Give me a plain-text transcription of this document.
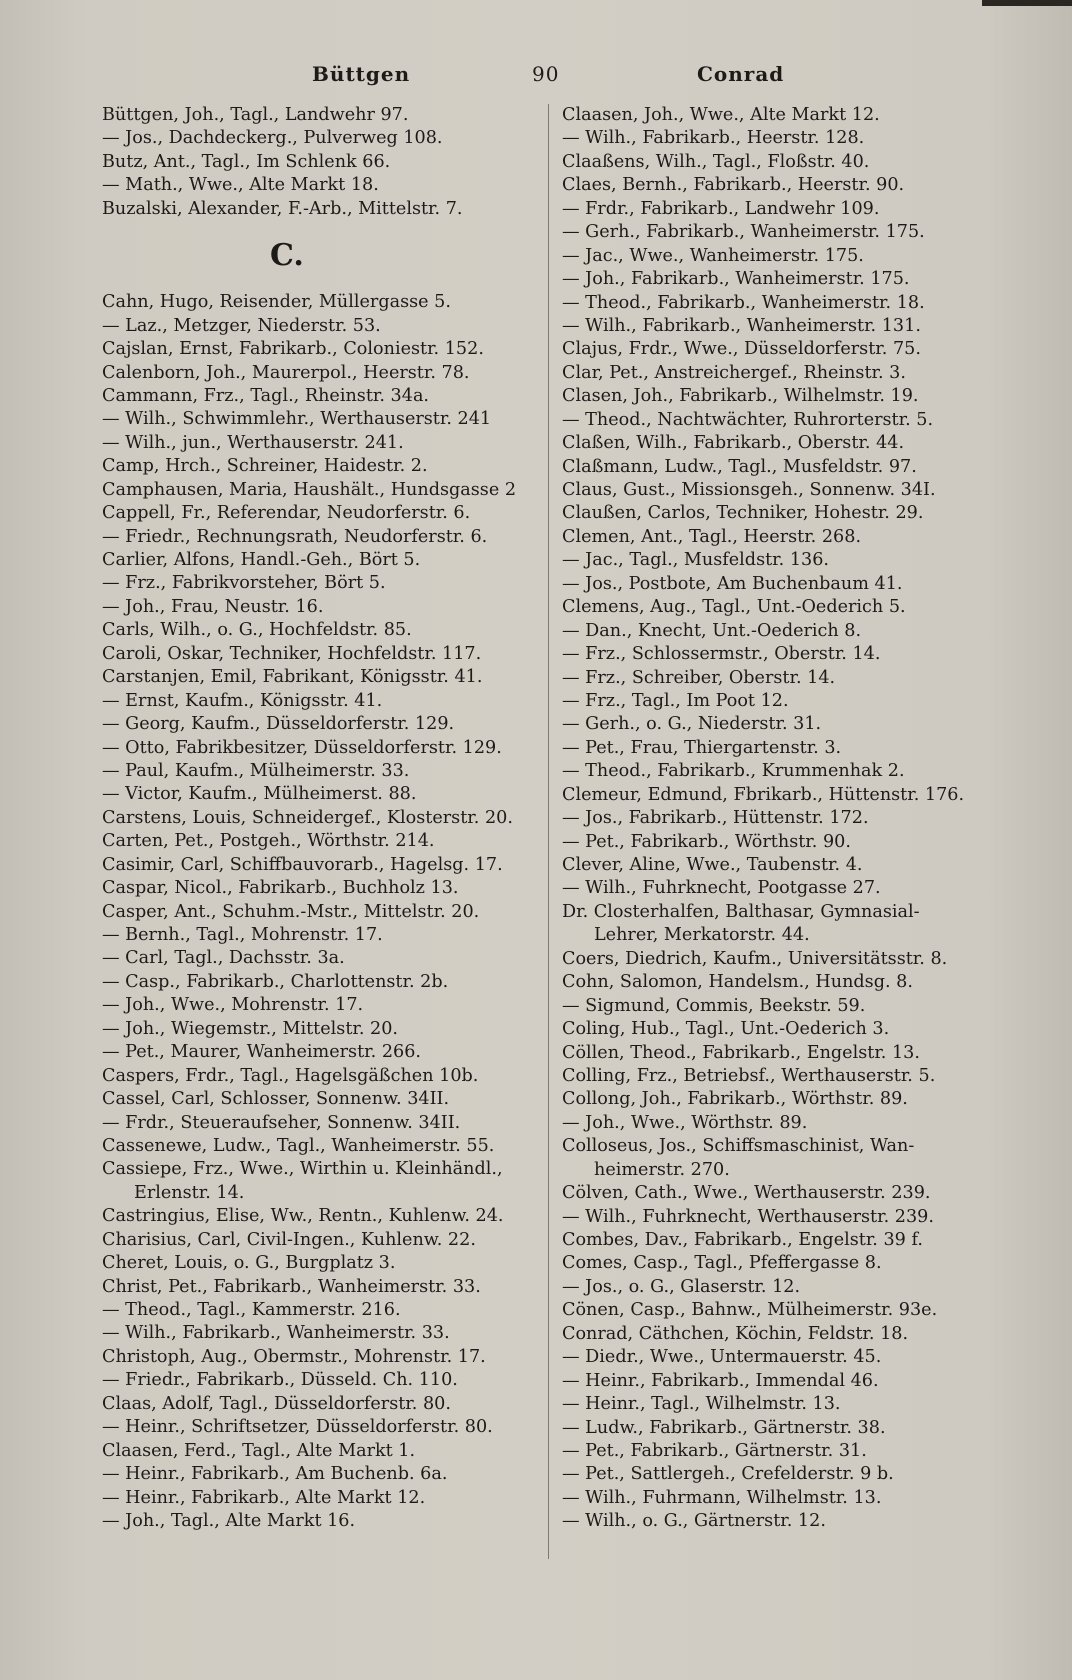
Büttgen	90	Conrad
Büttgen, Joh., Tagl., Landwehr 97.
— Jos., Dachdeckerg., Pulverweg 108.
Butz, Ant., Tagl., Im Schlenk 66.
— Math., Wwe., Alte Markt 18.
Buzalski, Alexander, F.-Arb., Mittelstr. 7.
C.
Cahn, Hugo, Reisender, Müllergasse 5.
— Laz., Metzger, Niederstr. 53.
Cajslan, Ernst, Fabrikarb., Coloniestr. 152.
Calenborn, Joh., Maurerpol., Heerstr. 78.
Cammann, Frz., Tagl., Rheinstr. 34a.
— Wilh., Schwimmlehr., Werthauserstr. 241
— Wilh., jun., Werthauserstr. 241.
Camp, Hrch., Schreiner, Haidestr. 2.
Camphausen, Maria, Haushält., Hundsgasse 2
Cappell, Fr., Referendar, Neudorferstr. 6.
— Friedr., Rechnungsrath, Neudorferstr. 6.
Carlier, Alfons, Handl.-Geh., Bört 5.
— Frz., Fabrikvorsteher, Bört 5.
— Joh., Frau, Neustr. 16.
Carls, Wilh., o. G., Hochfeldstr. 85.
Caroli, Oskar, Techniker, Hochfeldstr. 117.
Carstanjen, Emil, Fabrikant, Königsstr. 41.
— Ernst, Kaufm., Königsstr. 41.
— Georg, Kaufm., Düsseldorferstr. 129.
— Otto, Fabrikbesitzer, Düsseldorferstr. 129.
— Paul, Kaufm., Mülheimerstr. 33.
— Victor, Kaufm., Mülheimerst. 88.
Carstens, Louis, Schneidergef., Klosterstr. 20.
Carten, Pet., Postgeh., Wörthstr. 214.
Casimir, Carl, Schiffbauvorarb., Hagelsg. 17.
Caspar, Nicol., Fabrikarb., Buchholz 13.
Casper, Ant., Schuhm.-Mstr., Mittelstr. 20.
— Bernh., Tagl., Mohrenstr. 17.
— Carl, Tagl., Dachsstr. 3a.
— Casp., Fabrikarb., Charlottenstr. 2b.
— Joh., Wwe., Mohrenstr. 17.
— Joh., Wiegemstr., Mittelstr. 20.
— Pet., Maurer, Wanheimerstr. 266.
Caspers, Frdr., Tagl., Hagelsgäßchen 10b.
Cassel, Carl, Schlosser, Sonnenw. 34II.
— Frdr., Steueraufseher, Sonnenw. 34II.
Cassenewe, Ludw., Tagl., Wanheimerstr. 55.
Cassiepe, Frz., Wwe., Wirthin u. Kleinhändl.,
Erlenstr. 14.
Castringius, Elise, Ww., Rentn., Kuhlenw. 24.
Charisius, Carl, Civil-Ingen., Kuhlenw. 22.
Cheret, Louis, o. G., Burgplatz 3.
Christ, Pet., Fabrikarb., Wanheimerstr. 33.
— Theod., Tagl., Kammerstr. 216.
— Wilh., Fabrikarb., Wanheimerstr. 33.
Christoph, Aug., Obermstr., Mohrenstr. 17.
— Friedr., Fabrikarb., Düsseld. Ch. 110.
Claas, Adolf, Tagl., Düsseldorferstr. 80.
— Heinr., Schriftsetzer, Düsseldorferstr. 80.
Claasen, Ferd., Tagl., Alte Markt 1.
— Heinr., Fabrikarb., Am Buchenb. 6a.
— Heinr., Fabrikarb., Alte Markt 12.
— Joh., Tagl., Alte Markt 16.
Claasen, Joh., Wwe., Alte Markt 12.
— Wilh., Fabrikarb., Heerstr. 128.
Claaßens, Wilh., Tagl., Floßstr. 40.
Claes, Bernh., Fabrikarb., Heerstr. 90.
— Frdr., Fabrikarb., Landwehr 109.
— Gerh., Fabrikarb., Wanheimerstr. 175.
— Jac., Wwe., Wanheimerstr. 175.
— Joh., Fabrikarb., Wanheimerstr. 175.
— Theod., Fabrikarb., Wanheimerstr. 18.
— Wilh., Fabrikarb., Wanheimerstr. 131.
Clajus, Frdr., Wwe., Düsseldorferstr. 75.
Clar, Pet., Anstreichergef., Rheinstr. 3.
Clasen, Joh., Fabrikarb., Wilhelmstr. 19.
— Theod., Nachtwächter, Ruhrorterstr. 5.
Claßen, Wilh., Fabrikarb., Oberstr. 44.
Claßmann, Ludw., Tagl., Musfeldstr. 97.
Claus, Gust., Missionsgeh., Sonnenw. 34I.
Claußen, Carlos, Techniker, Hohestr. 29.
Clemen, Ant., Tagl., Heerstr. 268.
— Jac., Tagl., Musfeldstr. 136.
— Jos., Postbote, Am Buchenbaum 41.
Clemens, Aug., Tagl., Unt.-Oederich 5.
— Dan., Knecht, Unt.-Oederich 8.
— Frz., Schlossermstr., Oberstr. 14.
— Frz., Schreiber, Oberstr. 14.
— Frz., Tagl., Im Poot 12.
— Gerh., o. G., Niederstr. 31.
— Pet., Frau, Thiergartenstr. 3.
— Theod., Fabrikarb., Krummenhak 2.
Clemeur, Edmund, Fbrikarb., Hüttenstr. 176.
— Jos., Fabrikarb., Hüttenstr. 172.
— Pet., Fabrikarb., Wörthstr. 90.
Clever, Aline, Wwe., Taubenstr. 4.
— Wilh., Fuhrknecht, Pootgasse 27.
Dr. Closterhalfen, Balthasar, Gymnasial-
Lehrer, Merkatorstr. 44.
Coers, Diedrich, Kaufm., Universitätsstr. 8.
Cohn, Salomon, Handelsm., Hundsg. 8.
— Sigmund, Commis, Beekstr. 59.
Coling, Hub., Tagl., Unt.-Oederich 3.
Cöllen, Theod., Fabrikarb., Engelstr. 13.
Colling, Frz., Betriebsf., Werthauserstr. 5.
Collong, Joh., Fabrikarb., Wörthstr. 89.
— Joh., Wwe., Wörthstr. 89.
Colloseus, Jos., Schiffsmaschinist, Wan-
heimerstr. 270.
Cölven, Cath., Wwe., Werthauserstr. 239.
— Wilh., Fuhrknecht, Werthauserstr. 239.
Combes, Dav., Fabrikarb., Engelstr. 39 f.
Comes, Casp., Tagl., Pfeffergasse 8.
— Jos., o. G., Glaserstr. 12.
Cönen, Casp., Bahnw., Mülheimerstr. 93e.
Conrad, Cäthchen, Köchin, Feldstr. 18.
— Diedr., Wwe., Untermauerstr. 45.
— Heinr., Fabrikarb., Immendal 46.
— Heinr., Tagl., Wilhelmstr. 13.
— Ludw., Fabrikarb., Gärtnerstr. 38.
— Pet., Fabrikarb., Gärtnerstr. 31.
— Pet., Sattlergeh., Crefelderstr. 9 b.
— Wilh., Fuhrmann, Wilhelmstr. 13.
— Wilh., o. G., Gärtnerstr. 12.
